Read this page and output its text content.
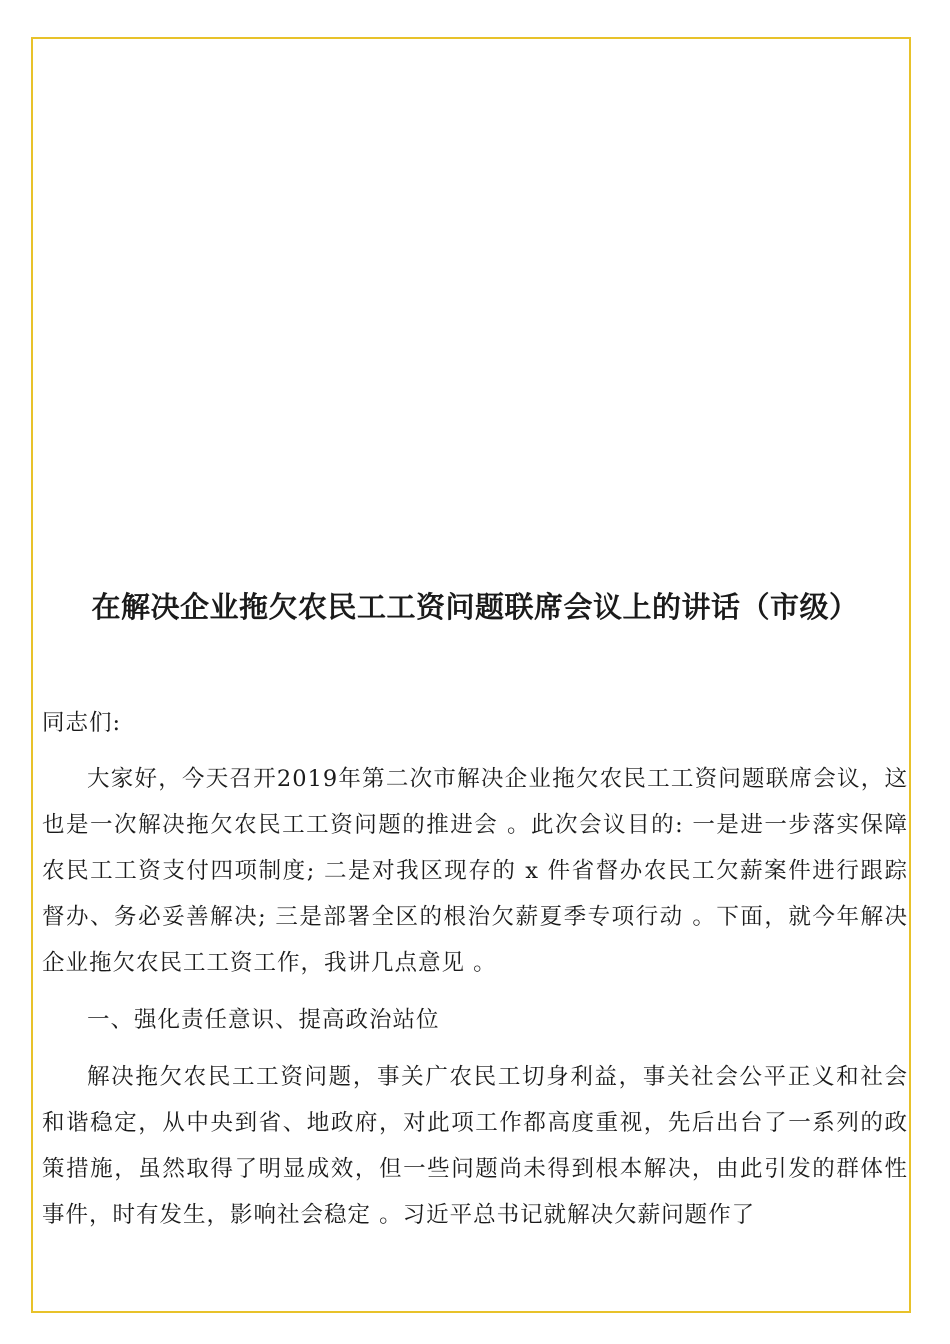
在解决企业拖欠农民工工资问题联席会议上的讲话（市级）

同志们:

大家好，今天召开2019年第二次市解决企业拖欠农民工工资问题联席会议，这也是一次解决拖欠农民工工资问题的推进会 。此次会议目的: 一是进一步落实保障农民工工资支付四项制度; 二是对我区现存的 x 件省督办农民工欠薪案件进行跟踪督办、务必妥善解决; 三是部署全区的根治欠薪夏季专项行动 。下面，就今年解决企业拖欠农民工工资工作，我讲几点意见 。

一、强化责任意识、提高政治站位

解决拖欠农民工工资问题，事关广农民工切身利益，事关社会公平正义和社会和谐稳定，从中央到省、地政府，对此项工作都高度重视，先后出台了一系列的政策措施，虽然取得了明显成效，但一些问题尚未得到根本解决，由此引发的群体性事件，时有发生，影响社会稳定 。习近平总书记就解决欠薪问题作了
